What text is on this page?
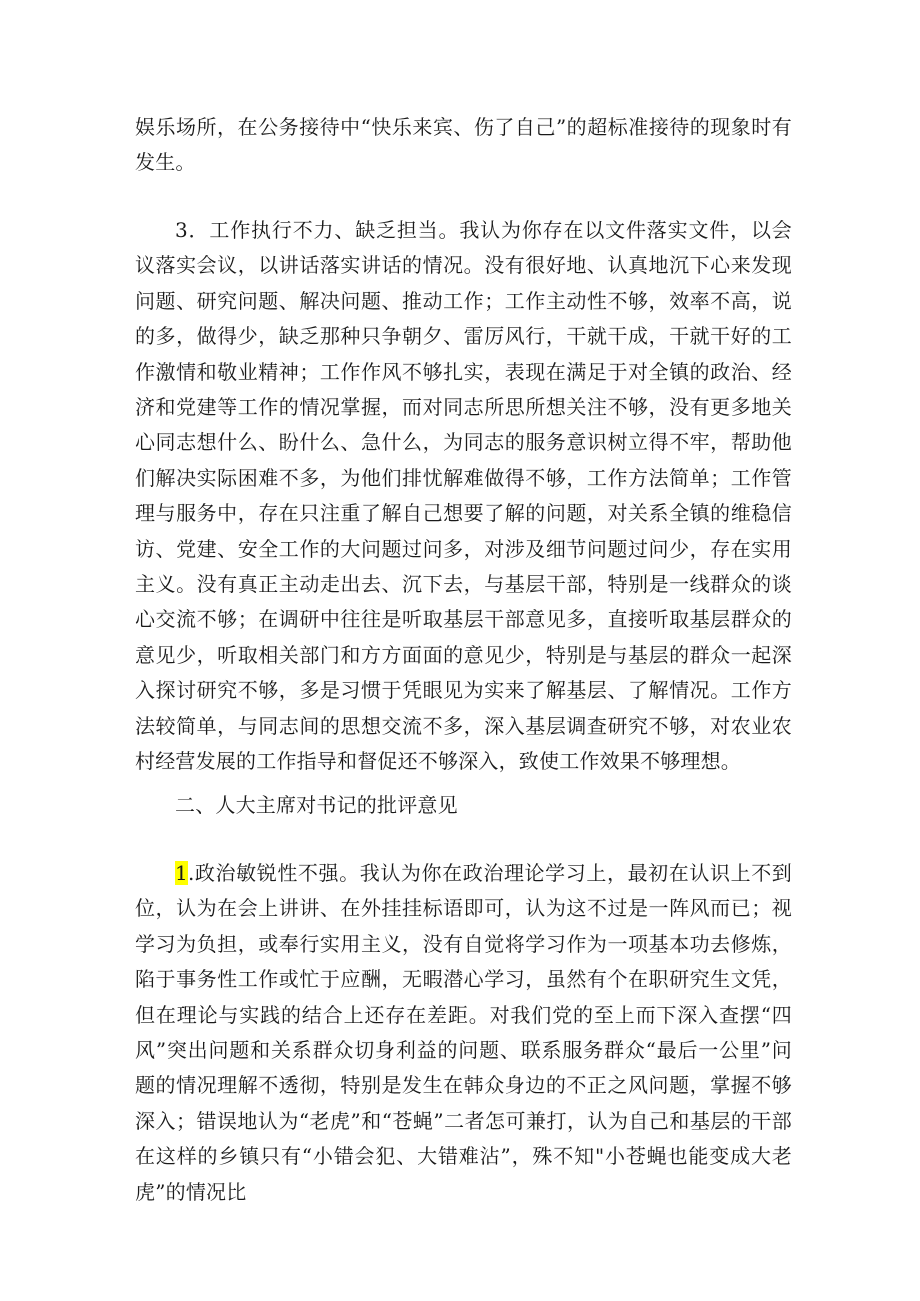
娱乐场所，在公务接待中“快乐来宾、伤了自己”的超标准接待的现象时有发生。

3．工作执行不力、缺乏担当。我认为你存在以文件落实文件，以会议落实会议，以讲话落实讲话的情况。没有很好地、认真地沉下心来发现问题、研究问题、解决问题、推动工作；工作主动性不够，效率不高，说的多，做得少，缺乏那种只争朝夕、雷厉风行，干就干成，干就干好的工作激情和敬业精神；工作作风不够扎实，表现在满足于对全镇的政治、经济和党建等工作的情况掌握，而对同志所思所想关注不够，没有更多地关心同志想什么、盼什么、急什么，为同志的服务意识树立得不牢，帮助他们解决实际困难不多，为他们排忧解难做得不够，工作方法简单；工作管理与服务中，存在只注重了解自己想要了解的问题，对关系全镇的维稳信访、党建、安全工作的大问题过问多，对涉及细节问题过问少，存在实用主义。没有真正主动走出去、沉下去，与基层干部，特别是一线群众的谈心交流不够；在调研中往往是听取基层干部意见多，直接听取基层群众的意见少，听取相关部门和方方面面的意见少，特别是与基层的群众一起深入探讨研究不够，多是习惯于凭眼见为实来了解基层、了解情况。工作方法较简单，与同志间的思想交流不多，深入基层调查研究不够，对农业农村经营发展的工作指导和督促还不够深入，致使工作效果不够理想。

二、人大主席对书记的批评意见

1.政治敏锐性不强。我认为你在政治理论学习上，最初在认识上不到位，认为在会上讲讲、在外挂挂标语即可，认为这不过是一阵风而已；视学习为负担，或奉行实用主义，没有自觉将学习作为一项基本功去修炼，陷于事务性工作或忙于应酬，无暇潜心学习，虽然有个在职研究生文凭，但在理论与实践的结合上还存在差距。对我们党的至上而下深入查摆“四风”突出问题和关系群众切身利益的问题、联系服务群众“最后一公里”问题的情况理解不透彻，特别是发生在韩众身边的不正之风问题，掌握不够深入；错误地认为“老虎”和“苍蝇”二者怎可兼打，认为自己和基层的干部在这样的乡镇只有“小错会犯、大错难沾”，殊不知"小苍蝇也能变成大老虎”的情况比
